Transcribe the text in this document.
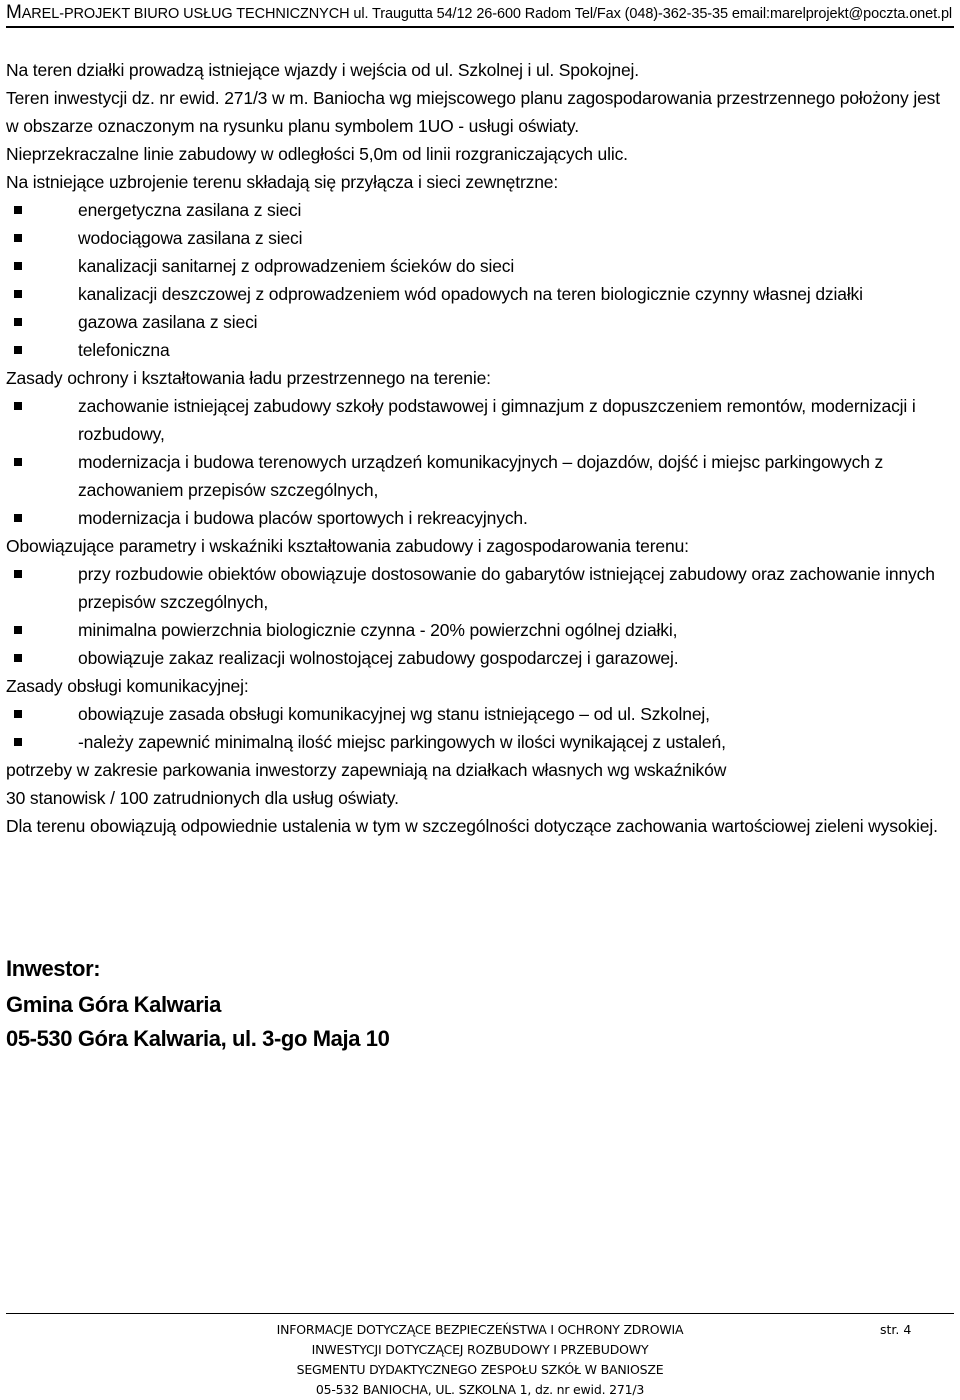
MAREL-PROJEKT BIURO USŁUG TECHNICZNYCH ul. Traugutta 54/12 26-600 Radom Tel/Fax (048)-362-35-35 email:marelprojekt@poczta.onet.pl

Na teren działki prowadzą istniejące wjazdy i wejścia od ul. Szkolnej i ul. Spokojnej.

Teren inwestycji dz. nr ewid. 271/3 w m. Baniocha wg miejscowego planu zagospodarowania przestrzennego położony jest w obszarze oznaczonym na rysunku planu symbolem 1UO - usługi oświaty.

Nieprzekraczalne linie zabudowy w odległości 5,0m od linii rozgraniczających ulic.

Na istniejące uzbrojenie terenu składają się przyłącza i sieci zewnętrzne:

energetyczna zasilana z sieci

wodociągowa zasilana z sieci

kanalizacji sanitarnej z odprowadzeniem ścieków do sieci

kanalizacji deszczowej z odprowadzeniem wód opadowych na teren biologicznie czynny własnej działki

gazowa zasilana z sieci

telefoniczna

Zasady ochrony i kształtowania ładu przestrzennego na terenie:

zachowanie istniejącej zabudowy szkoły podstawowej i gimnazjum z dopuszczeniem remontów, modernizacji i rozbudowy,

modernizacja i budowa terenowych urządzeń komunikacyjnych – dojazdów, dojść i miejsc parkingowych z zachowaniem przepisów szczególnych,

modernizacja i budowa placów sportowych i rekreacyjnych.

Obowiązujące parametry i wskaźniki kształtowania zabudowy i zagospodarowania terenu:

przy rozbudowie obiektów obowiązuje dostosowanie do gabarytów istniejącej zabudowy oraz zachowanie innych przepisów szczególnych,

minimalna powierzchnia biologicznie czynna - 20% powierzchni ogólnej działki,

obowiązuje zakaz realizacji wolnostojącej zabudowy gospodarczej i garazowej.

Zasady obsługi komunikacyjnej:

obowiązuje zasada obsługi komunikacyjnej wg stanu istniejącego – od ul. Szkolnej,

-należy zapewnić minimalną ilość miejsc parkingowych w ilości wynikającej z ustaleń,

potrzeby w zakresie parkowania inwestorzy zapewniają na działkach własnych wg wskaźników

30 stanowisk / 100 zatrudnionych dla usług oświaty.

Dla terenu obowiązują odpowiednie ustalenia w tym w szczególności dotyczące zachowania wartościowej zieleni wysokiej.

Inwestor:

Gmina Góra Kalwaria

05-530 Góra Kalwaria, ul. 3-go Maja 10

INFORMACJE DOTYCZĄCE BEZPIECZEŃSTWA I OCHRONY ZDROWIA

INWESTYCJI DOTYCZĄCEJ ROZBUDOWY I PRZEBUDOWY

SEGMENTU DYDAKTYCZNEGO ZESPOŁU SZKÓŁ W BANIOSZE

05-532 BANIOCHA, UL. SZKOLNA 1, dz. nr ewid. 271/3

str. 4
